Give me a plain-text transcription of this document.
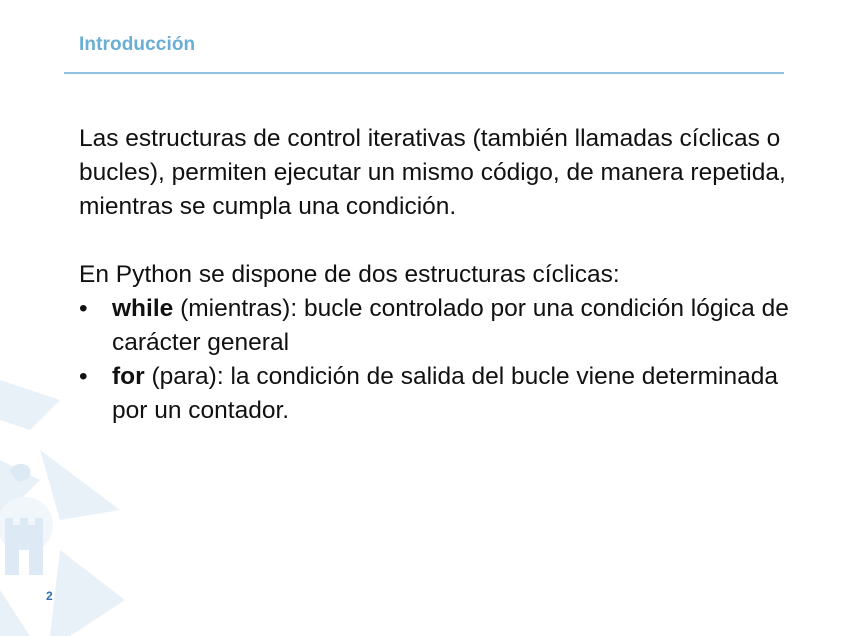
Introducción

Las estructuras de control iterativas (también llamadas cíclicas o bucles), permiten ejecutar un mismo código, de manera repetida, mientras se cumpla una condición.

En Python se dispone de dos estructuras cíclicas:

• while (mientras): bucle controlado por una condición lógica de carácter general
• for (para): la condición de salida del bucle viene determinada por un contador.
2
